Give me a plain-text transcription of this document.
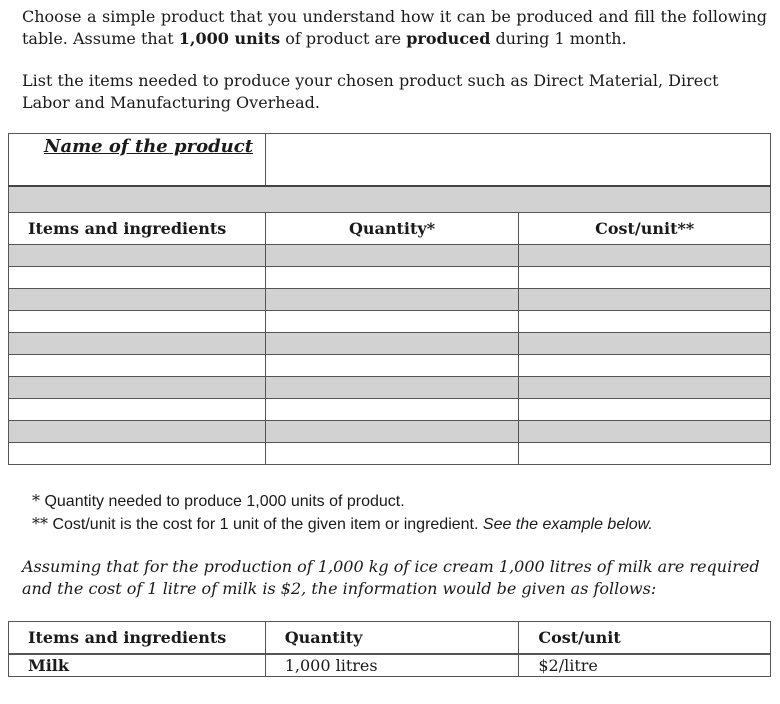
Choose a simple product that you understand how it can be produced and fill the following table. Assume that 1,000 units of product are produced during 1 month.

List the items needed to produce your chosen product such as Direct Material, Direct Labor and Manufacturing Overhead.

Name of the product		

Items and ingredients	Quantity*	Cost/unit**

* Quantity needed to produce 1,000 units of product.
** Cost/unit is the cost for 1 unit of the given item or ingredient. See the example below.

Assuming that for the production of 1,000 kg of ice cream 1,000 litres of milk are required and the cost of 1 litre of milk is $2, the information would be given as follows:

Items and ingredients	Quantity	Cost/unit
Milk	1,000 litres	$2/litre
